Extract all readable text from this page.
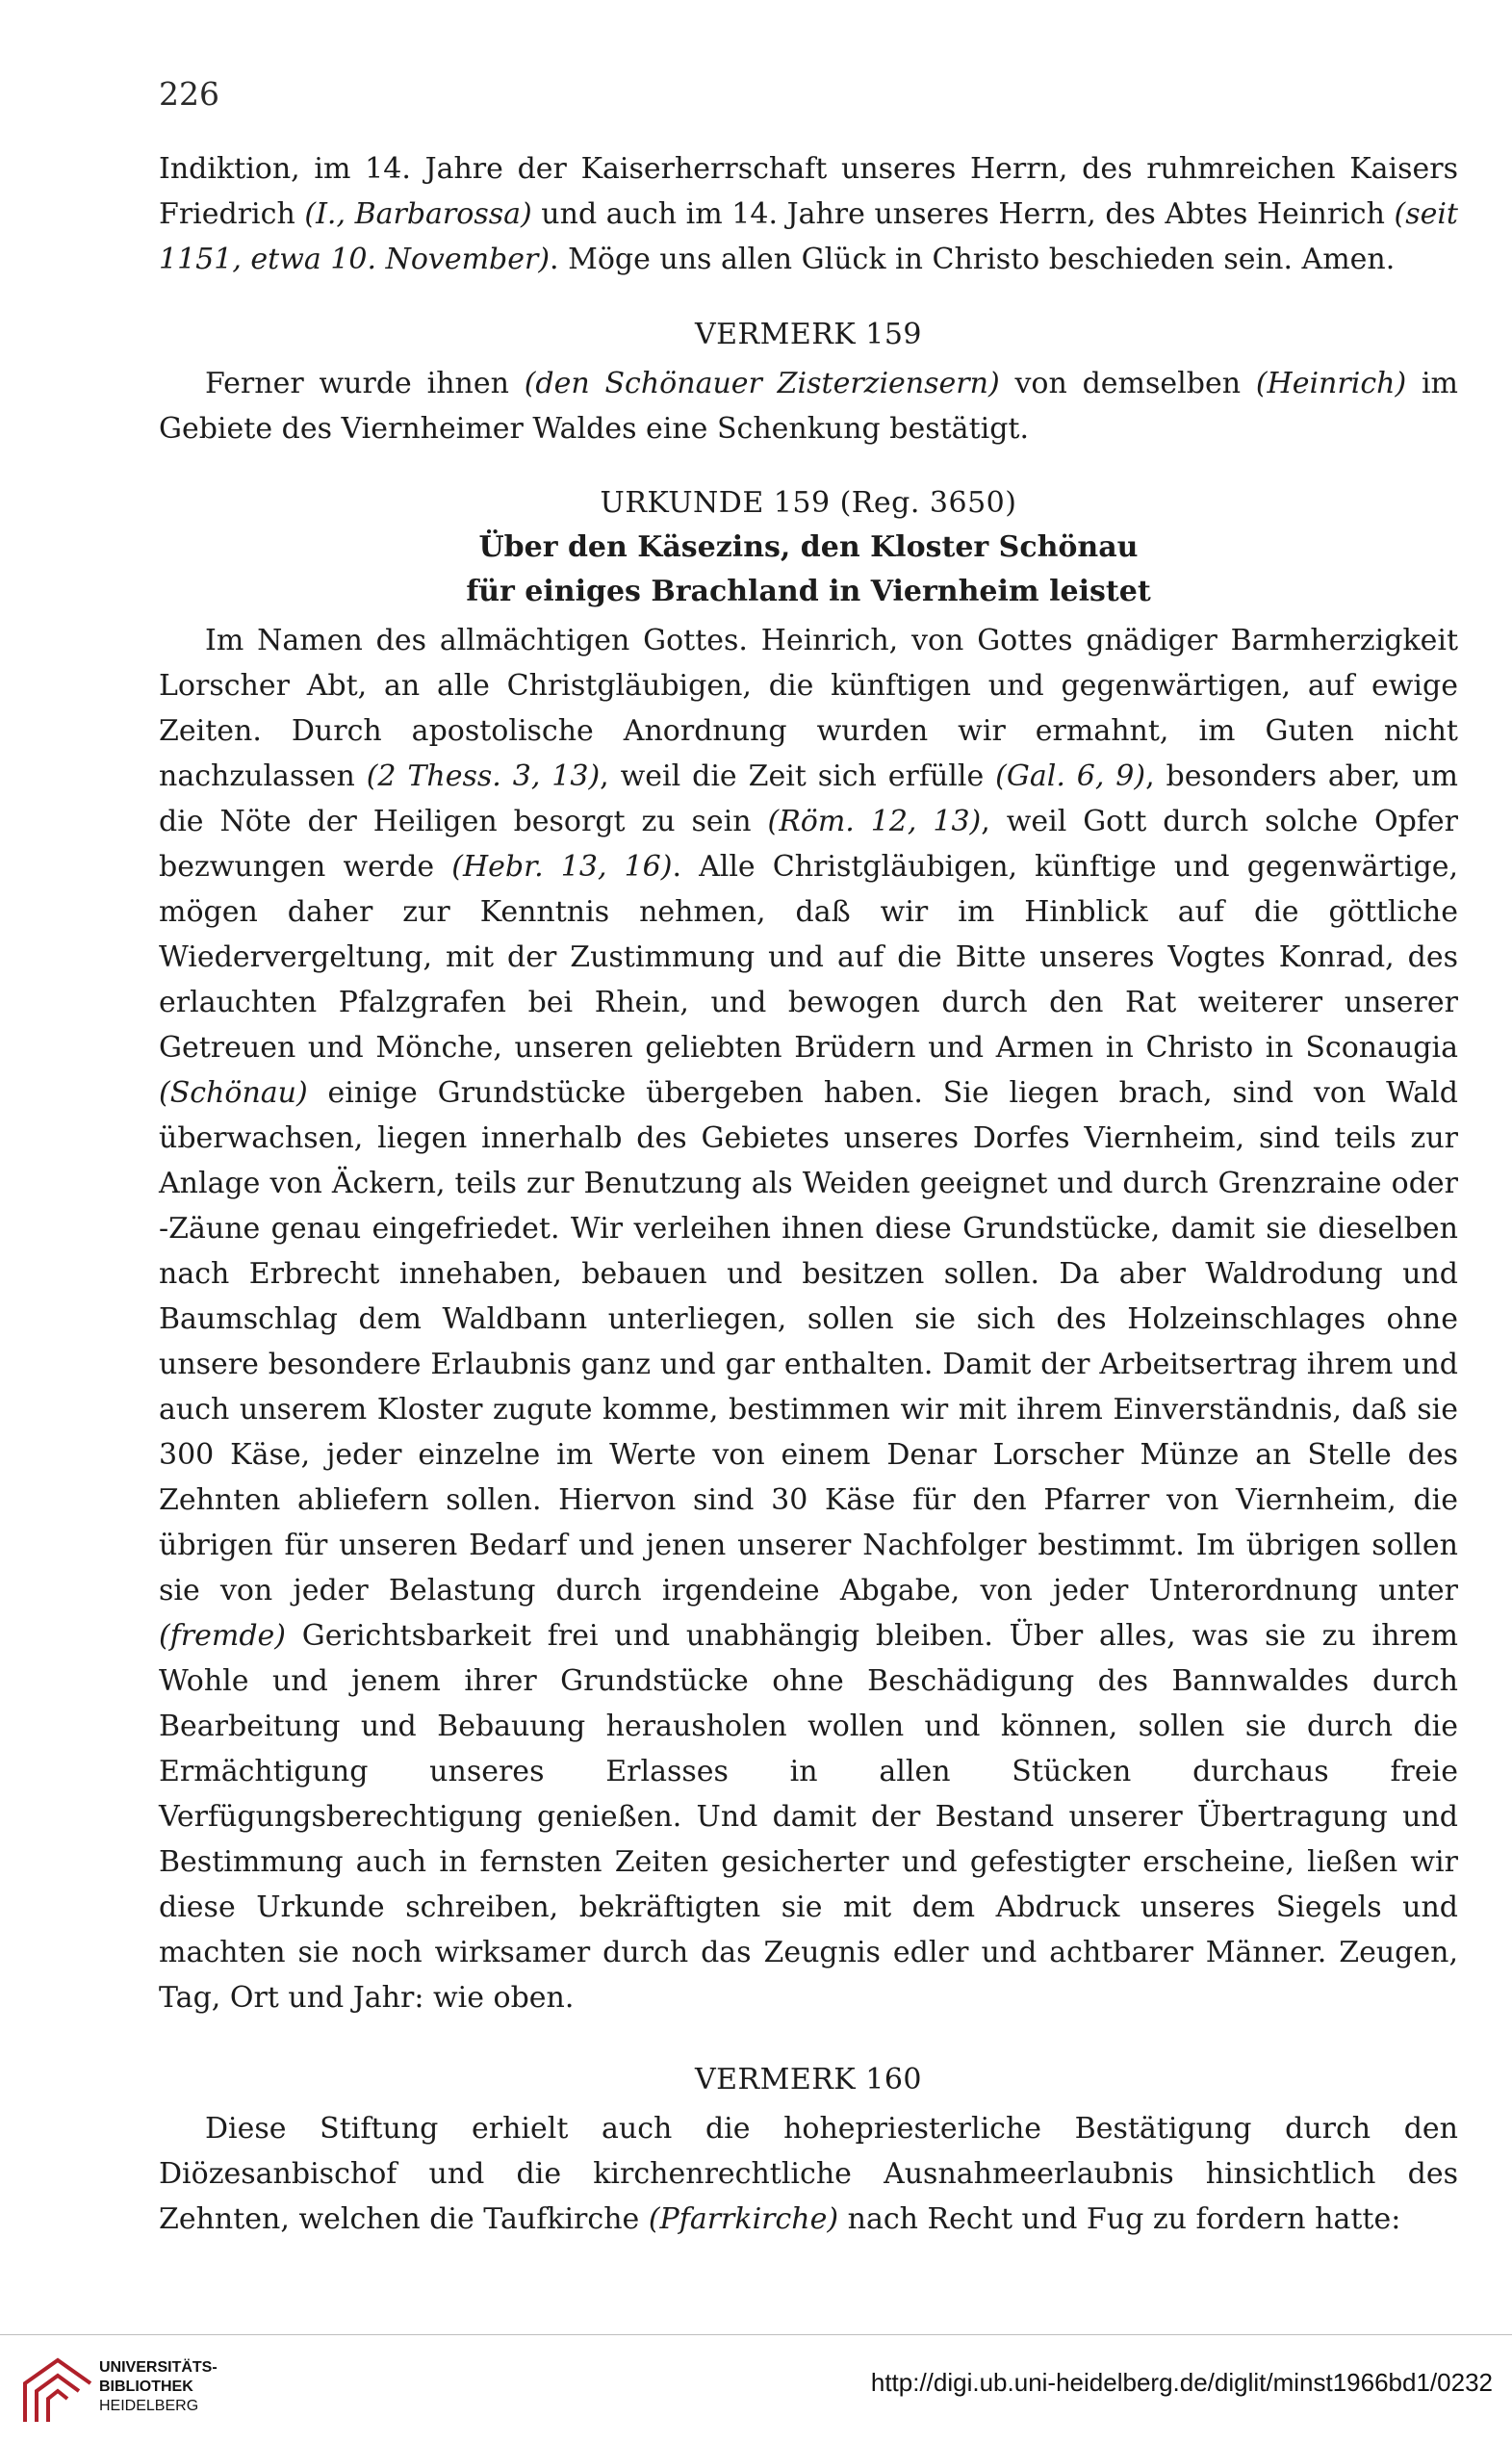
226

Indiktion, im 14. Jahre der Kaiserherrschaft unseres Herrn, des ruhmreichen Kaisers Friedrich (I., Barbarossa) und auch im 14. Jahre unseres Herrn, des Abtes Heinrich (seit 1151, etwa 10. November). Möge uns allen Glück in Christo beschieden sein. Amen.

VERMERK 159

Ferner wurde ihnen (den Schönauer Zisterziensern) von demselben (Heinrich) im Gebiete des Viernheimer Waldes eine Schenkung bestätigt.

URKUNDE 159 (Reg. 3650)

Über den Käsezins, den Kloster Schönau

für einiges Brachland in Viernheim leistet

Im Namen des allmächtigen Gottes. Heinrich, von Gottes gnädiger Barmherzigkeit Lorscher Abt, an alle Christgläubigen, die künftigen und gegenwärtigen, auf ewige Zeiten. Durch apostolische Anordnung wurden wir ermahnt, im Guten nicht nachzulassen (2 Thess. 3, 13), weil die Zeit sich erfülle (Gal. 6, 9), besonders aber, um die Nöte der Heiligen besorgt zu sein (Röm. 12, 13), weil Gott durch solche Opfer bezwungen werde (Hebr. 13, 16). Alle Christgläubigen, künftige und gegenwärtige, mögen daher zur Kenntnis nehmen, daß wir im Hinblick auf die göttliche Wiedervergeltung, mit der Zustimmung und auf die Bitte unseres Vogtes Konrad, des erlauchten Pfalzgrafen bei Rhein, und bewogen durch den Rat weiterer unserer Getreuen und Mönche, unseren geliebten Brüdern und Armen in Christo in Sconaugia (Schönau) einige Grundstücke übergeben haben. Sie liegen brach, sind von Wald überwachsen, liegen innerhalb des Gebietes unseres Dorfes Viernheim, sind teils zur Anlage von Äckern, teils zur Benutzung als Weiden geeignet und durch Grenzraine oder -Zäune genau eingefriedet. Wir verleihen ihnen diese Grundstücke, damit sie dieselben nach Erbrecht innehaben, bebauen und besitzen sollen. Da aber Waldrodung und Baumschlag dem Waldbann unterliegen, sollen sie sich des Holzeinschlages ohne unsere besondere Erlaubnis ganz und gar enthalten. Damit der Arbeitsertrag ihrem und auch unserem Kloster zugute komme, bestimmen wir mit ihrem Einverständnis, daß sie 300 Käse, jeder einzelne im Werte von einem Denar Lorscher Münze an Stelle des Zehnten abliefern sollen. Hiervon sind 30 Käse für den Pfarrer von Viernheim, die übrigen für unseren Bedarf und jenen unserer Nachfolger bestimmt. Im übrigen sollen sie von jeder Belastung durch irgendeine Abgabe, von jeder Unterordnung unter (fremde) Gerichtsbarkeit frei und unabhängig bleiben. Über alles, was sie zu ihrem Wohle und jenem ihrer Grundstücke ohne Beschädigung des Bannwaldes durch Bearbeitung und Bebauung herausholen wollen und können, sollen sie durch die Ermächtigung unseres Erlasses in allen Stücken durchaus freie Verfügungsberechtigung genießen. Und damit der Bestand unserer Übertragung und Bestimmung auch in fernsten Zeiten gesicherter und gefestigter erscheine, ließen wir diese Urkunde schreiben, bekräftigten sie mit dem Abdruck unseres Siegels und machten sie noch wirksamer durch das Zeugnis edler und achtbarer Männer. Zeugen, Tag, Ort und Jahr: wie oben.

VERMERK 160

Diese Stiftung erhielt auch die hohepriesterliche Bestätigung durch den Diözesanbischof und die kirchenrechtliche Ausnahmeerlaubnis hinsichtlich des Zehnten, welchen die Taufkirche (Pfarrkirche) nach Recht und Fug zu fordern hatte:

UNIVERSITÄTS-
BIBLIOTHEK
HEIDELBERG
http://digi.ub.uni-heidelberg.de/diglit/minst1966bd1/0232
